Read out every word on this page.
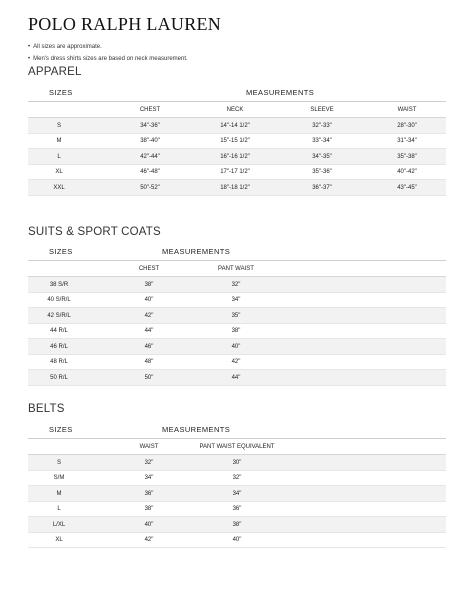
POLO RALPH LAUREN
• All sizes are approximate.
• Men's dress shirts sizes are based on neck measurement.
APPAREL
SIZES	MEASUREMENTS
CHEST	NECK	SLEEVE	WAIST
S	34"-36"	14"-14 1/2"	32"-33"	28"-30"
M	38"-40"	15"-15 1/2"	33"-34"	31"-34"
L	42"-44"	16"-16 1/2"	34"-35"	35"-38"
XL	46"-48"	17"-17 1/2"	35"-36"	40"-42"
XXL	50"-52"	18"-18 1/2"	36"-37"	43"-45"
SUITS & SPORT COATS
SIZES	MEASUREMENTS
CHEST	PANT WAIST
38 S/R	38"	32"
40 S/R/L	40"	34"
42 S/R/L	42"	35"
44 R/L	44"	38"
46 R/L	46"	40"
48 R/L	48"	42"
50 R/L	50"	44"
BELTS
SIZES	MEASUREMENTS
WAIST	PANT WAIST EQUIVALENT
S	32"	30"
S/M	34"	32"
M	36"	34"
L	38"	36"
L/XL	40"	38"
XL	42"	40"
